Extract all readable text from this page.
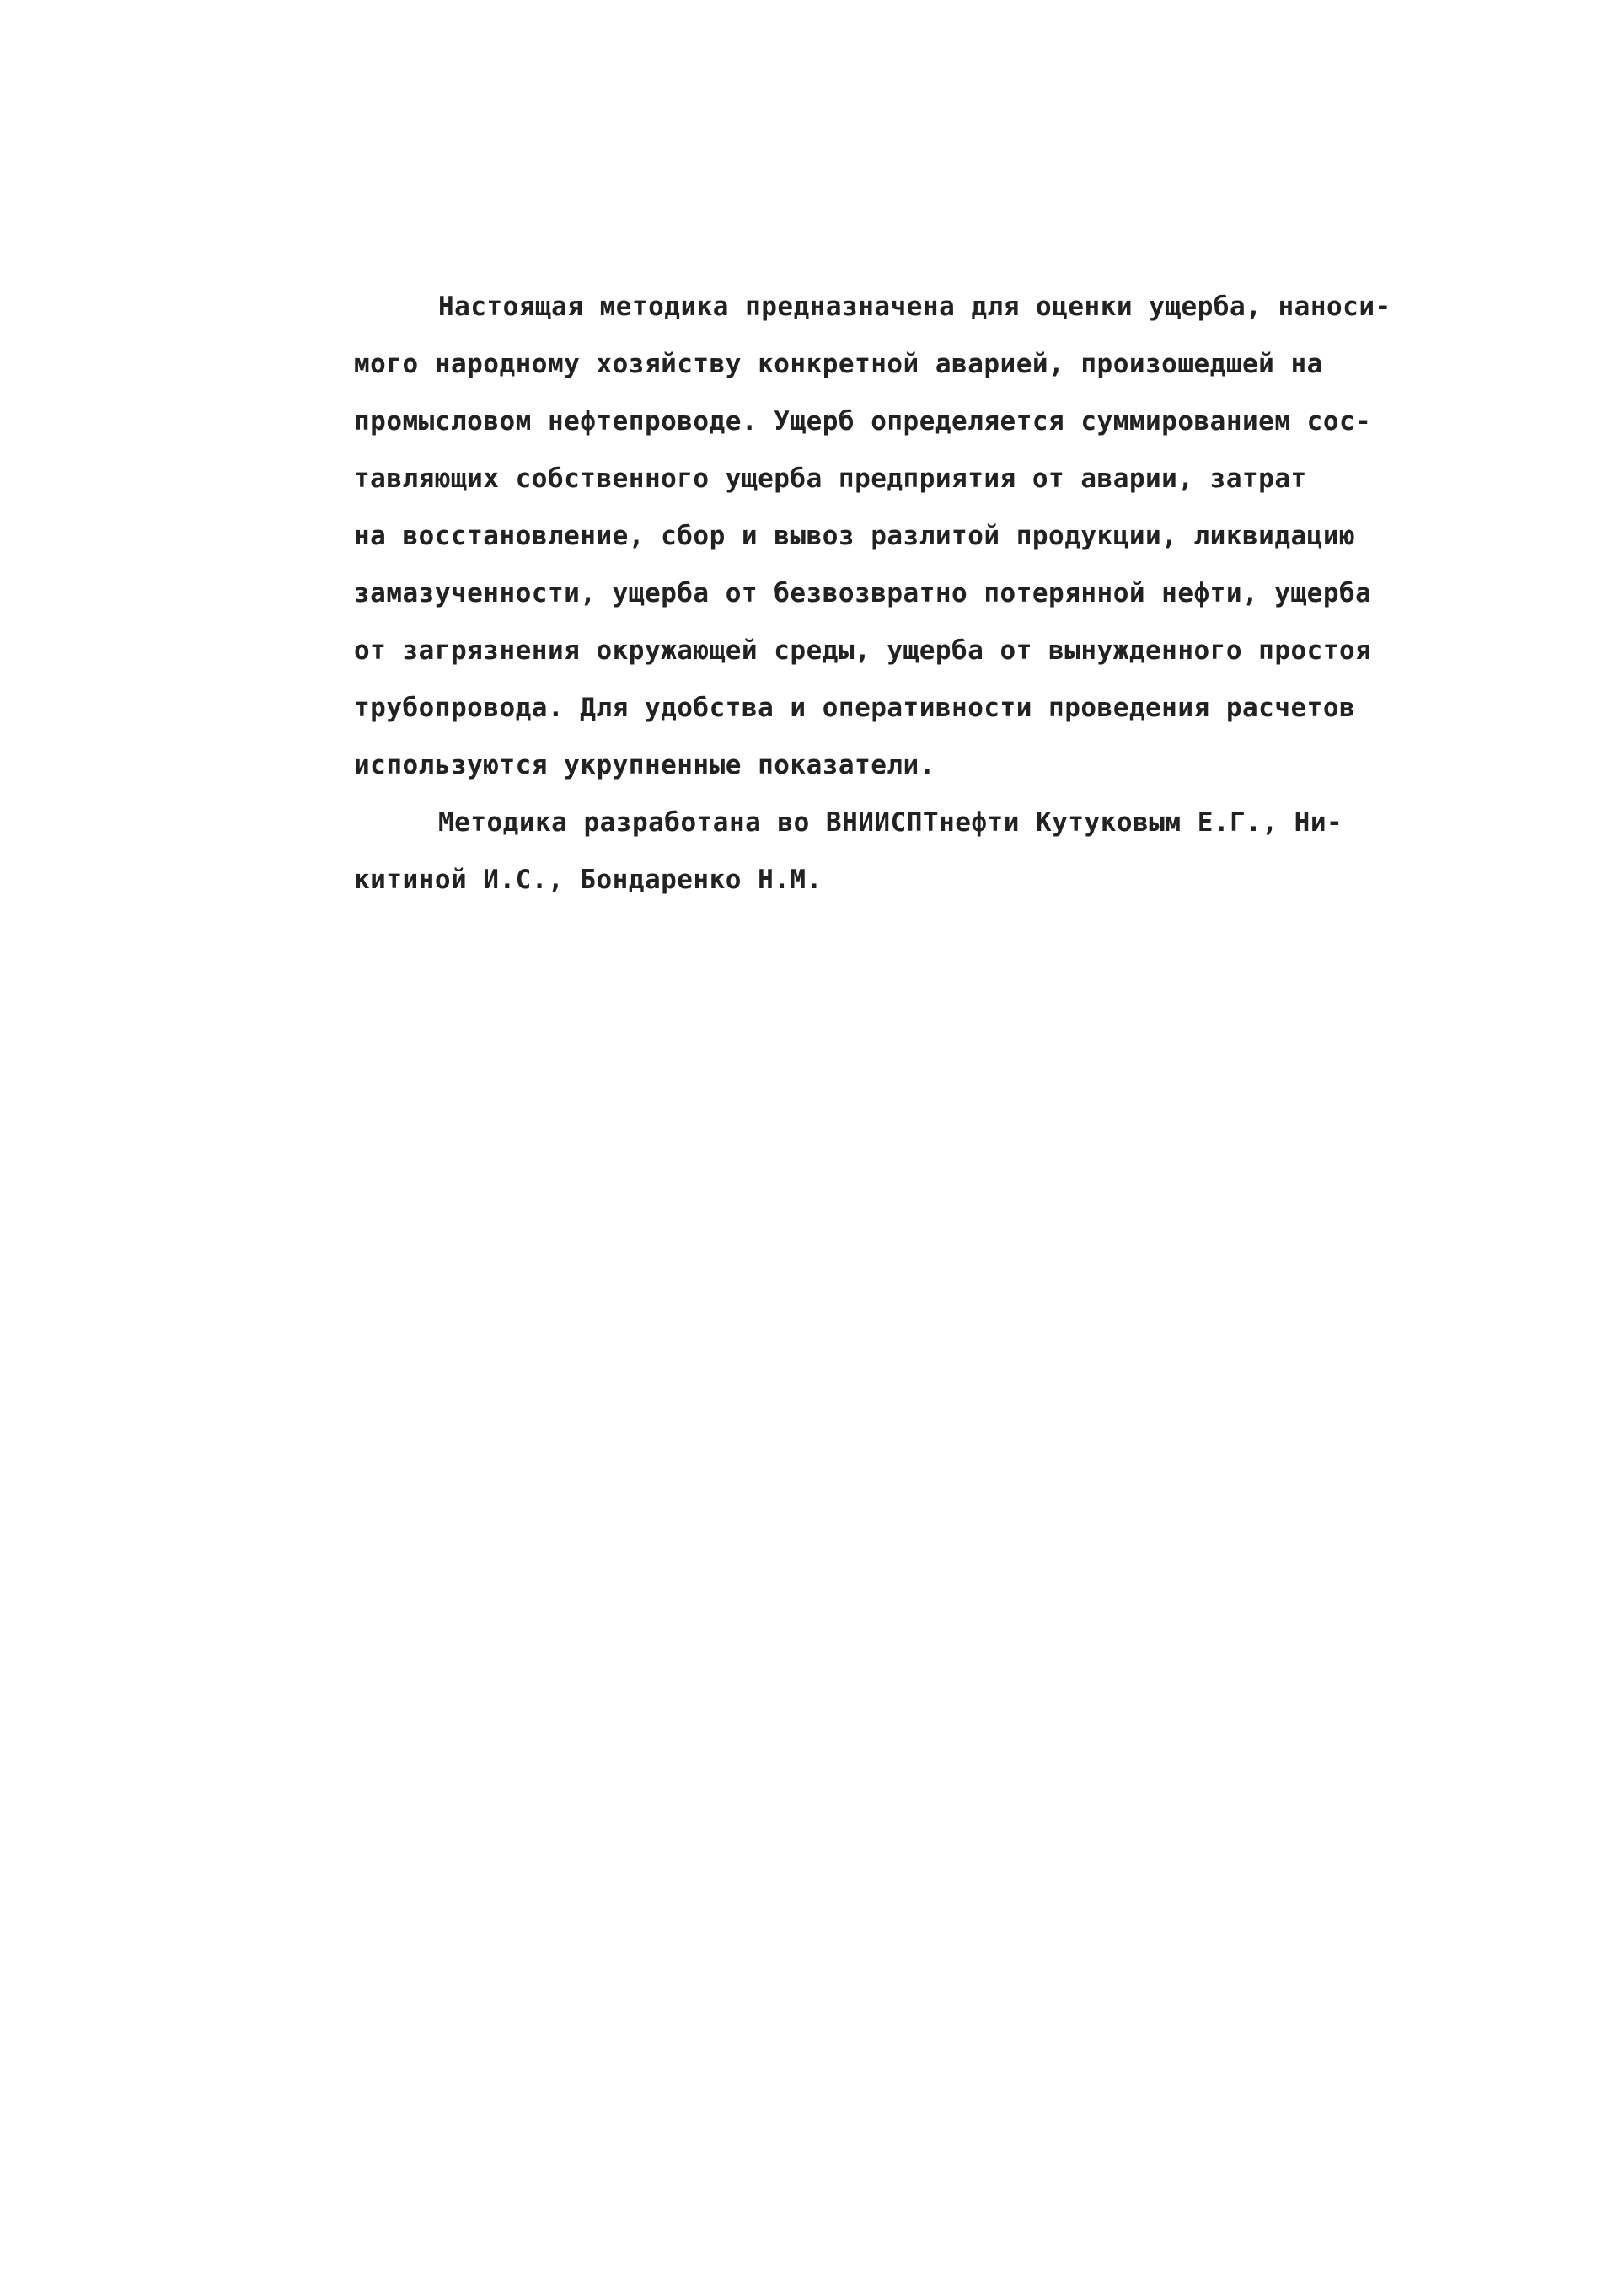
Настоящая методика предназначена для оценки ущерба, наноси-
мого народному хозяйству конкретной аварией, произошедшей на
промысловом нефтепроводе. Ущерб определяется суммированием сос-
тавляющих собственного ущерба предприятия от аварии, затрат
на восстановление, сбор и вывоз разлитой продукции, ликвидацию
замазученности, ущерба от безвозвратно потерянной нефти, ущерба
от загрязнения окружающей среды, ущерба от вынужденного простоя
трубопровода. Для удобства и оперативности проведения расчетов
используются укрупненные показатели.
Методика разработана во ВНИИСПТнефти Кутуковым Е.Г., Ни-
китиной И.С., Бондаренко Н.М.
